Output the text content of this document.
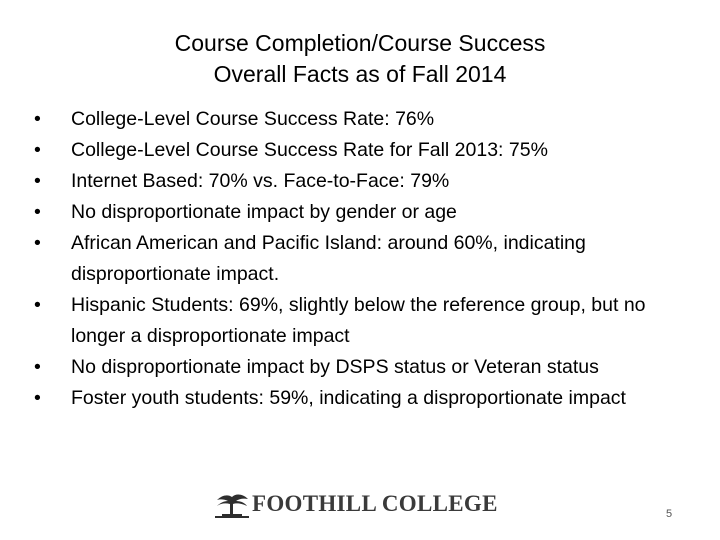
Course Completion/Course Success
Overall Facts as of Fall 2014
•	College-Level Course Success Rate: 76%
•	College-Level Course Success Rate for Fall 2013: 75%
•	Internet Based: 70% vs. Face-to-Face: 79%
•	No disproportionate impact by gender or age
•	African American and Pacific Island: around 60%, indicating disproportionate impact.
•	Hispanic Students: 69%, slightly below the reference group, but no longer a disproportionate impact
•	No disproportionate impact by DSPS status or Veteran status
•	Foster youth students: 59%, indicating a disproportionate impact
FOOTHILL COLLEGE	5
